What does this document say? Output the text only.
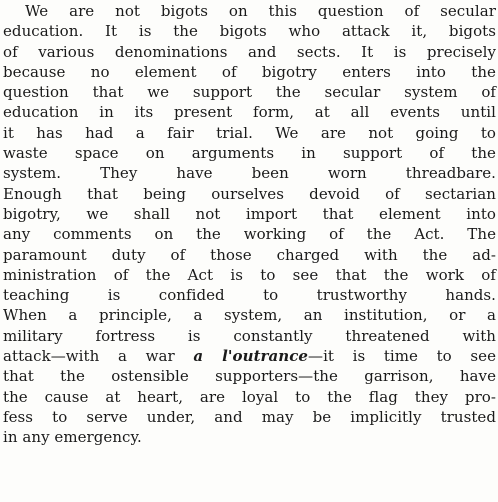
We are not bigots on this question of secular
education. It is the bigots who attack it, bigots
of various denominations and sects. It is precisely
because no element of bigotry enters into the
question that we support the secular system of
education in its present form, at all events until
it has had a fair trial. We are not going to
waste space on arguments in support of the
system. They have been worn threadbare.
Enough that being ourselves devoid of sectarian
bigotry, we shall not import that element into
any comments on the working of the Act. The
paramount duty of those charged with the ad-
ministration of the Act is to see that the work of
teaching is confided to trustworthy hands.
When a principle, a system, an institution, or a
military fortress is constantly threatened with
attack—with a war a l'outrance—it is time to see
that the ostensible supporters—the garrison, have
the cause at heart, are loyal to the flag they pro-
fess to serve under, and may be implicitly trusted
in any emergency.
